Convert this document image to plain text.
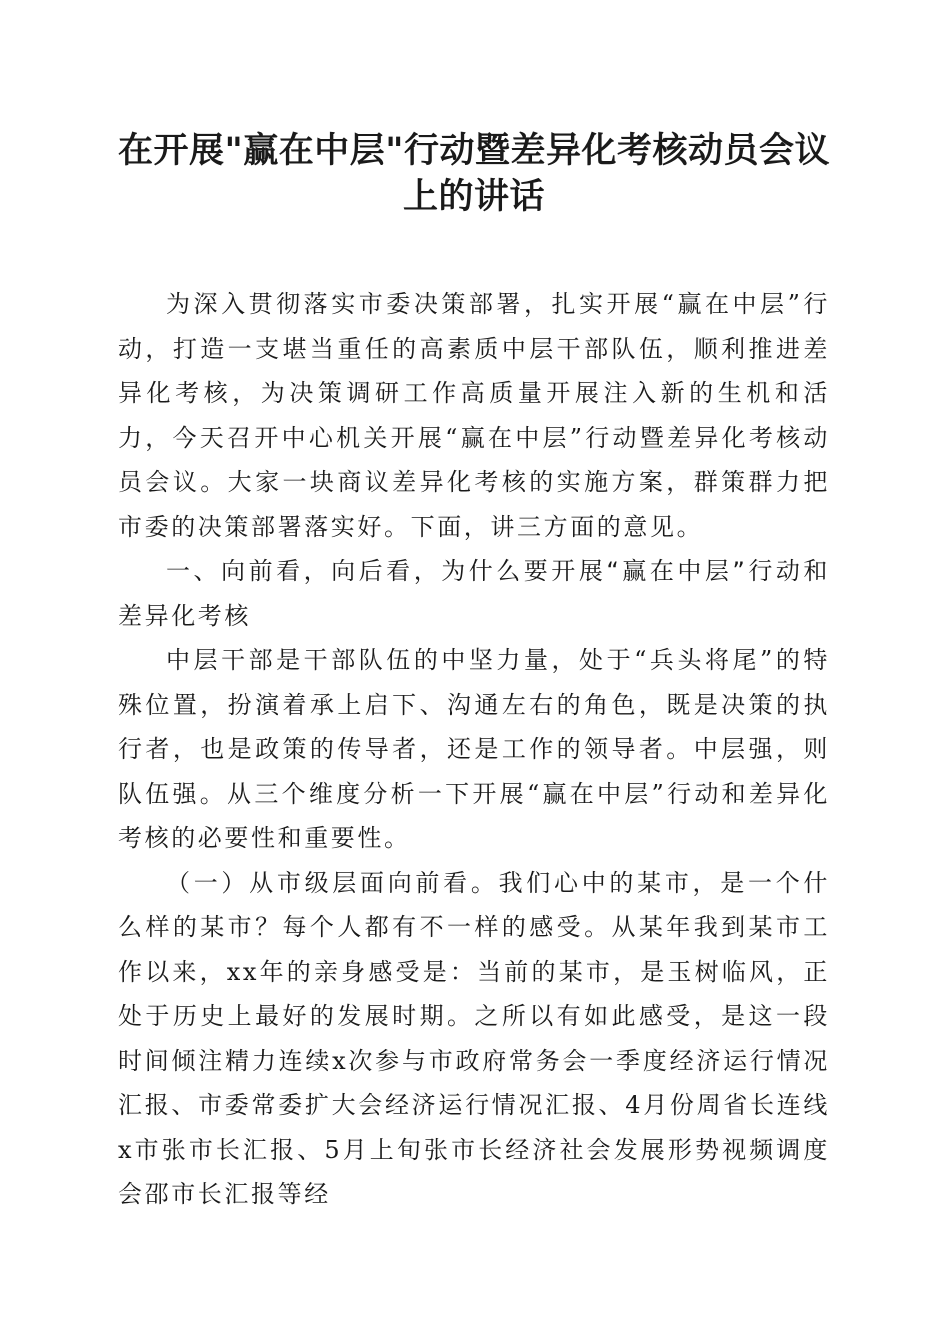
在开展"赢在中层"行动暨差异化考核动员会议上的讲话

为深入贯彻落实市委决策部署，扎实开展“赢在中层”行动，打造一支堪当重任的高素质中层干部队伍，顺利推进差异化考核，为决策调研工作高质量开展注入新的生机和活力，今天召开中心机关开展“赢在中层”行动暨差异化考核动员会议。大家一块商议差异化考核的实施方案，群策群力把市委的决策部署落实好。下面，讲三方面的意见。

一、向前看，向后看，为什么要开展“赢在中层”行动和差异化考核

中层干部是干部队伍的中坚力量，处于“兵头将尾”的特殊位置，扮演着承上启下、沟通左右的角色，既是决策的执行者，也是政策的传导者，还是工作的领导者。中层强，则队伍强。从三个维度分析一下开展“赢在中层”行动和差异化考核的必要性和重要性。

（一）从市级层面向前看。我们心中的某市，是一个什么样的某市？每个人都有不一样的感受。从某年我到某市工作以来，xx年的亲身感受是：当前的某市，是玉树临风，正处于历史上最好的发展时期。之所以有如此感受，是这一段时间倾注精力连续x次参与市政府常务会一季度经济运行情况汇报、市委常委扩大会经济运行情况汇报、4月份周省长连线x市张市长汇报、5月上旬张市长经济社会发展形势视频调度会邵市长汇报等经
